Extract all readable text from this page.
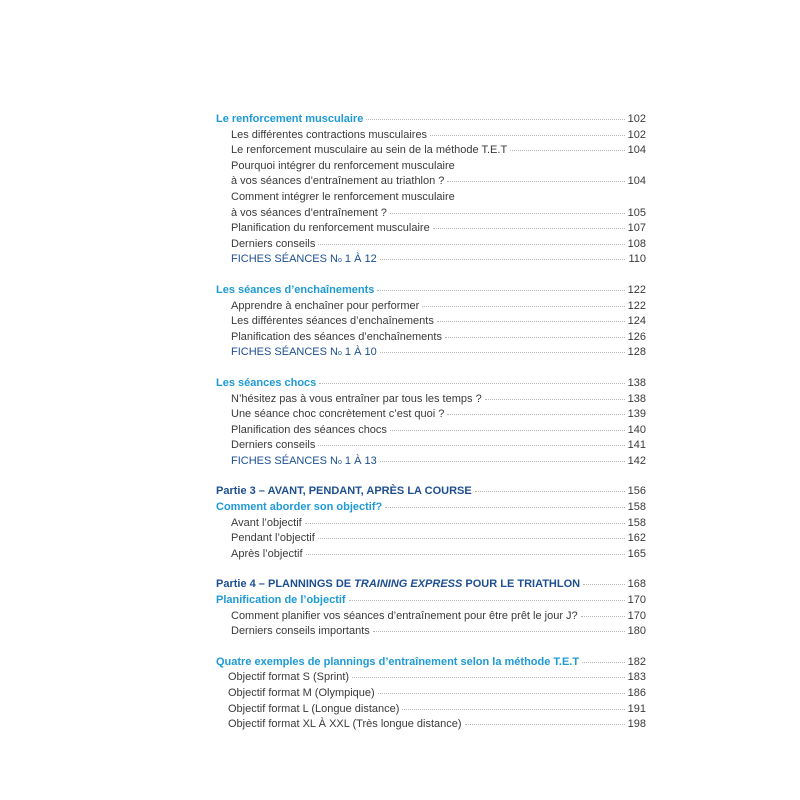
Le renforcement musculaire	102
Les différentes contractions musculaires	102
Le renforcement musculaire au sein de la méthode T.E.T	104
Pourquoi intégrer du renforcement musculaire
à vos séances d’entraînement au triathlon ?	104
Comment intégrer le renforcement musculaire
à vos séances d’entraînement ?	105
Planification du renforcement musculaire	107
Derniers conseils	108
FICHES SÉANCES $N^o$ 1 À 12	110
Les séances d’enchaînements	122
Apprendre à enchaîner pour performer	122
Les différentes séances d’enchaînements	124
Planification des séances d’enchaînements	126
FICHES SÉANCES $N^o$ 1 À 10	128
Les séances chocs	138
N’hésitez pas à vous entraîner par tous les temps ?	138
Une séance choc concrètement c’est quoi ?	139
Planification des séances chocs	140
Derniers conseils	141
FICHES SÉANCES $N^o$ 1 À 13	142
Partie 3 – AVANT, PENDANT, APRÈS LA COURSE	156
Comment aborder son objectif?	158
Avant l’objectif	158
Pendant l’objectif	162
Après l’objectif	165
Partie 4 – PLANNINGS DE TRAINING EXPRESS POUR LE TRIATHLON	168
Planification de l’objectif	170
Comment planifier vos séances d’entraînement pour être prêt le jour J?	170
Derniers conseils importants	180
Quatre exemples de plannings d’entraînement selon la méthode T.E.T	182
Objectif format S (Sprint)	183
Objectif format M (Olympique)	186
Objectif format L (Longue distance)	191
Objectif format XL À XXL (Très longue distance)	198
